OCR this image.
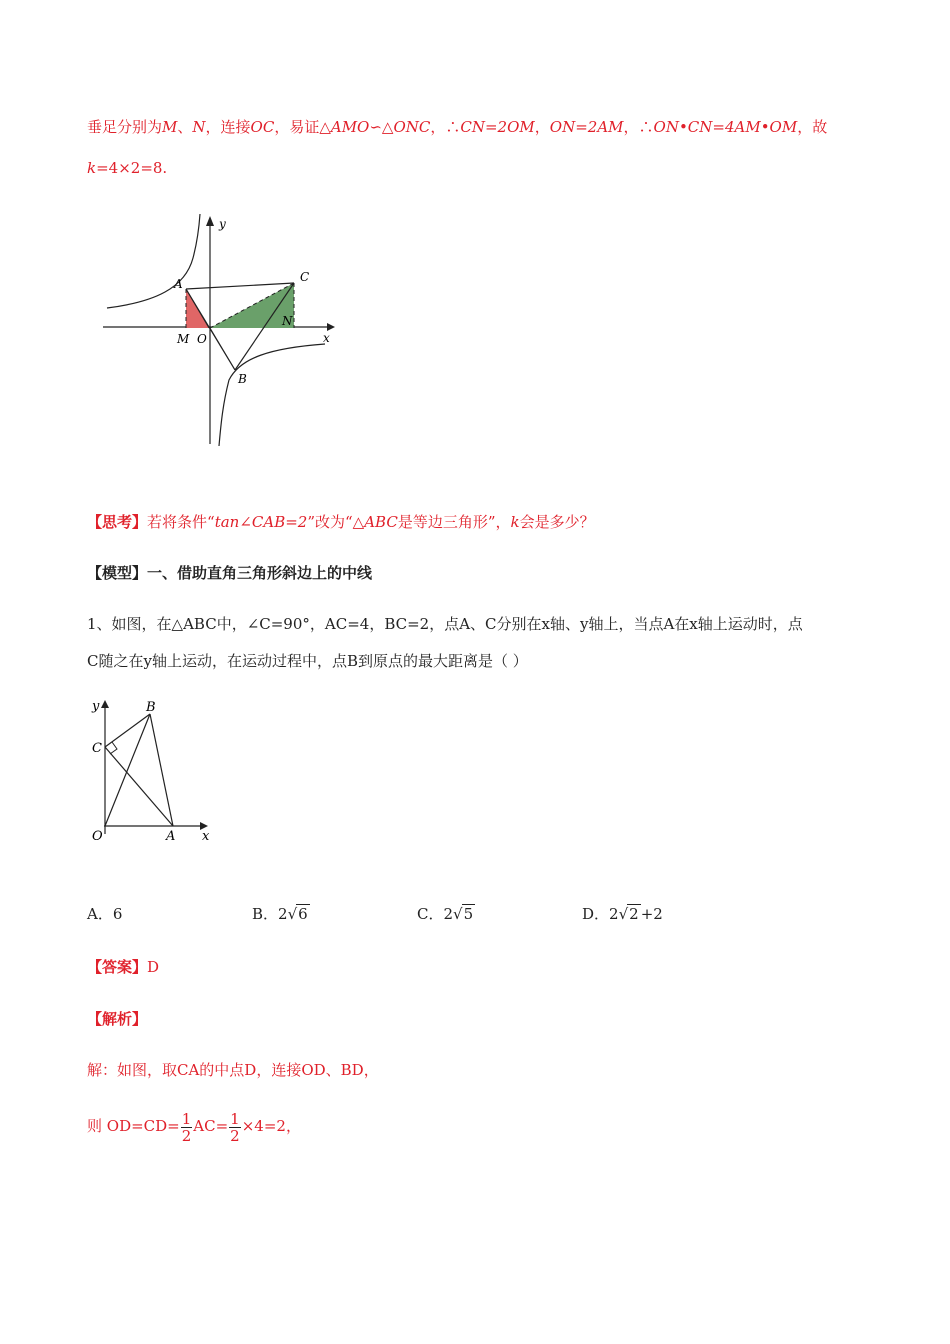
垂足分别为M、N，连接OC，易证△AMO∽△ONC，∴CN=2OM，ON=2AM，∴ON•CN=4AM•OM，故
k=4×2=8.
y
x
A	C
M O
N
B
【思考】若将条件“tan∠CAB=2”改为“△ABC是等边三角形”，k会是多少？
【模型】一、借助直角三角形斜边上的中线
1、如图，在△ABC中，∠C=90°，AC=4，BC=2，点A、C分别在x轴、y轴上，当点A在x轴上运动时，点
C随之在y轴上运动，在运动过程中，点B到原点的最大距离是（ ）
y	B
C
O	A x
A．6	B．2√6	C．2√5	D．2√2 +2
【答案】D
【解析】
解：如图，取CA的中点D，连接OD、BD，
则 $OD=CD= \frac{1}{2} AC= \frac{1}{2} \times 4=2$，
